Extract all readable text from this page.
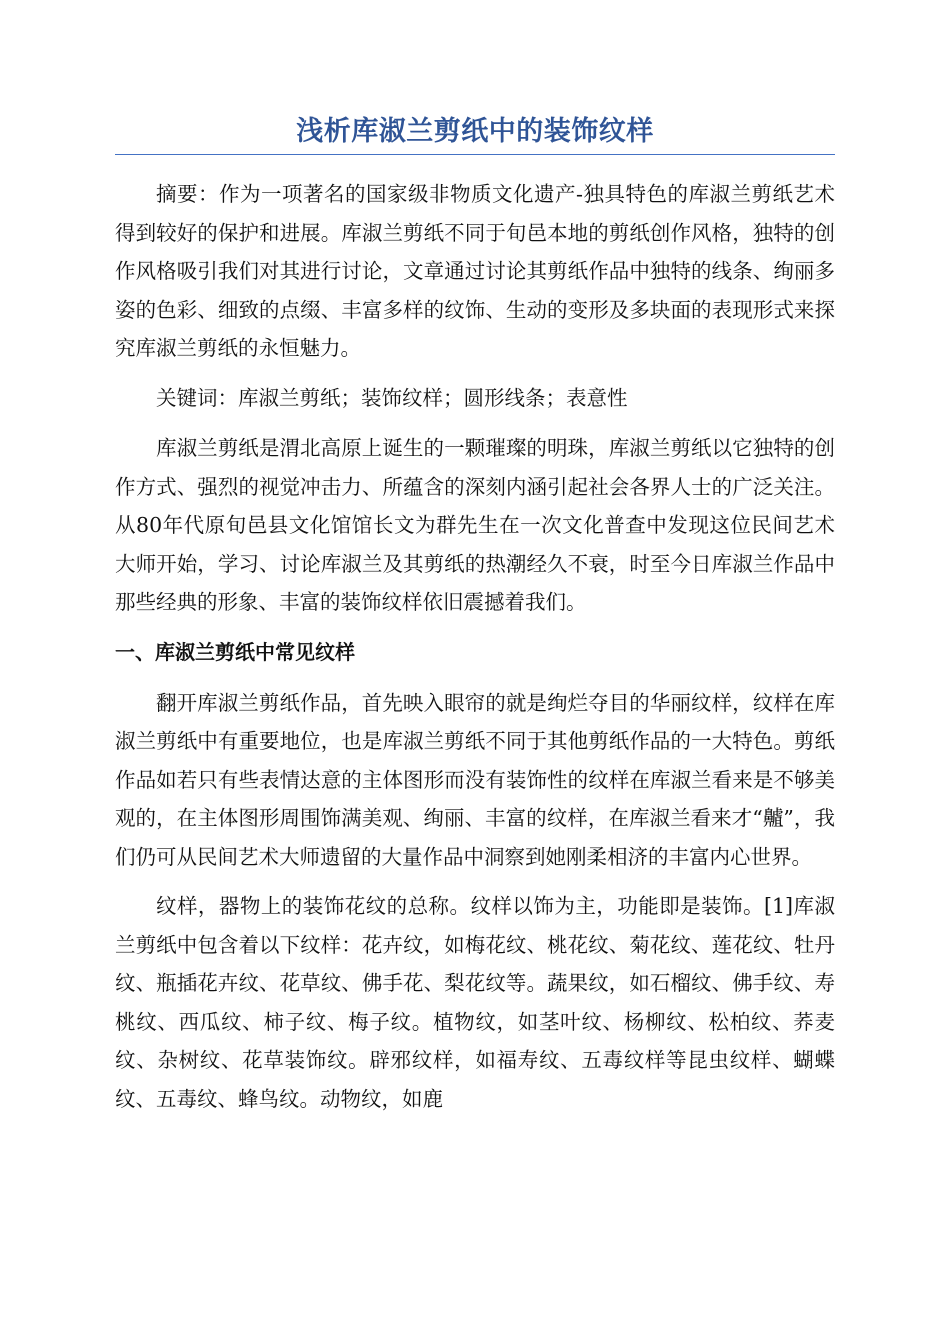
浅析库淑兰剪纸中的装饰纹样

摘要：作为一项著名的国家级非物质文化遗产-独具特色的库淑兰剪纸艺术得到较好的保护和进展。库淑兰剪纸不同于旬邑本地的剪纸创作风格，独特的创作风格吸引我们对其进行讨论，文章通过讨论其剪纸作品中独特的线条、绚丽多姿的色彩、细致的点缀、丰富多样的纹饰、生动的变形及多块面的表现形式来探究库淑兰剪纸的永恒魅力。

关键词：库淑兰剪纸；装饰纹样；圆形线条；表意性

库淑兰剪纸是渭北高原上诞生的一颗璀璨的明珠，库淑兰剪纸以它独特的创作方式、强烈的视觉冲击力、所蕴含的深刻内涵引起社会各界人士的广泛关注。从80年代原旬邑县文化馆馆长文为群先生在一次文化普查中发现这位民间艺术大师开始，学习、讨论库淑兰及其剪纸的热潮经久不衰，时至今日库淑兰作品中那些经典的形象、丰富的装饰纹样依旧震撼着我们。

一、库淑兰剪纸中常见纹样

翻开库淑兰剪纸作品，首先映入眼帘的就是绚烂夺目的华丽纹样，纹样在库淑兰剪纸中有重要地位，也是库淑兰剪纸不同于其他剪纸作品的一大特色。剪纸作品如若只有些表情达意的主体图形而没有装饰性的纹样在库淑兰看来是不够美观的，在主体图形周围饰满美观、绚丽、丰富的纹样，在库淑兰看来才“齇”，我们仍可从民间艺术大师遗留的大量作品中洞察到她刚柔相济的丰富内心世界。

纹样，器物上的装饰花纹的总称。纹样以饰为主，功能即是装饰。[1]库淑兰剪纸中包含着以下纹样：花卉纹，如梅花纹、桃花纹、菊花纹、莲花纹、牡丹纹、瓶插花卉纹、花草纹、佛手花、梨花纹等。蔬果纹，如石榴纹、佛手纹、寿桃纹、西瓜纹、柿子纹、梅子纹。植物纹，如茎叶纹、杨柳纹、松柏纹、荞麦纹、杂树纹、花草装饰纹。辟邪纹样，如福寿纹、五毒纹样等昆虫纹样、蝴蝶纹、五毒纹、蜂鸟纹。动物纹，如鹿
